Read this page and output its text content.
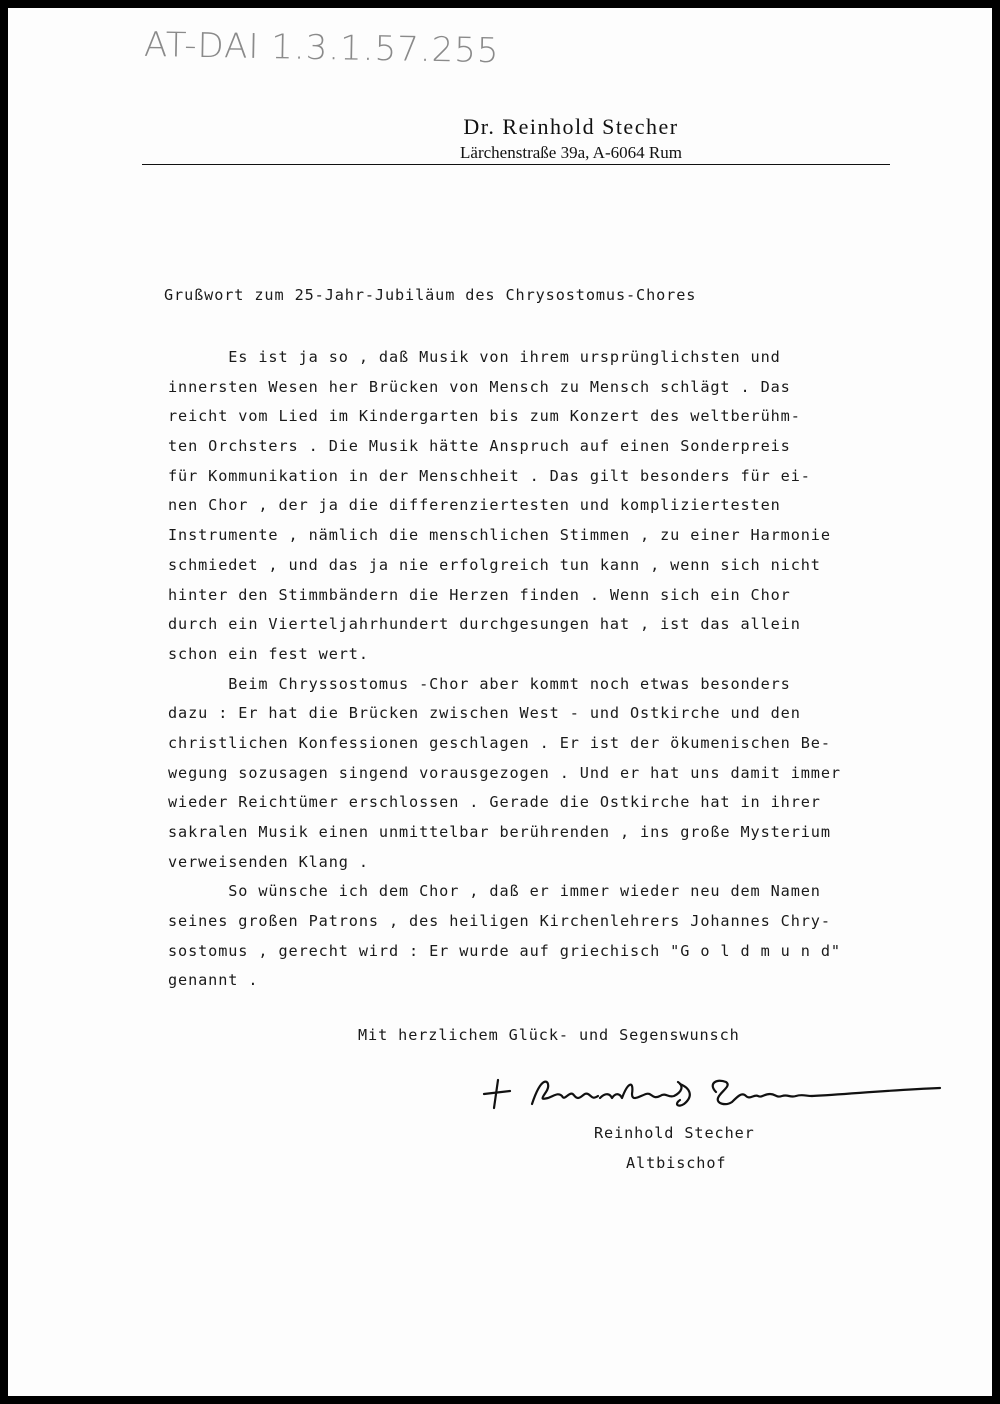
AT-DAI 1.3.1.57.255
Dr. Reinhold Stecher
Lärchenstraße 39a, A-6064 Rum
Grußwort zum 25-Jahr-Jubiläum des Chrysostomus-Chores
Es ist ja so , daß Musik von ihrem ursprünglichsten und
innersten Wesen her Brücken von Mensch zu Mensch schlägt . Das
reicht vom Lied im Kindergarten bis zum Konzert des weltberühm-
ten Orchsters . Die Musik hätte Anspruch auf einen Sonderpreis
für Kommunikation in der Menschheit . Das gilt besonders für ei-
nen Chor , der ja die differenziertesten und kompliziertesten
Instrumente , nämlich die menschlichen Stimmen , zu einer Harmonie
schmiedet , und das ja nie erfolgreich tun kann , wenn sich nicht
hinter den Stimmbändern die Herzen finden . Wenn sich ein Chor
durch ein Vierteljahrhundert durchgesungen hat , ist das allein
schon ein fest wert.
Beim Chryssostomus -Chor aber kommt noch etwas besonders
dazu : Er hat die Brücken zwischen West - und Ostkirche und den
christlichen Konfessionen geschlagen . Er ist der ökumenischen Be-
wegung sozusagen singend vorausgezogen . Und er hat uns damit immer
wieder Reichtümer erschlossen . Gerade die Ostkirche hat in ihrer
sakralen Musik einen unmittelbar berührenden , ins große Mysterium
verweisenden Klang .
So wünsche ich dem Chor , daß er immer wieder neu dem Namen
seines großen Patrons , des heiligen Kirchenlehrers Johannes Chry-
sostomus , gerecht wird : Er wurde auf griechisch "G o l d m u n d"
genannt .
Mit herzlichem Glück- und Segenswunsch
Reinhold Stecher
Altbischof
